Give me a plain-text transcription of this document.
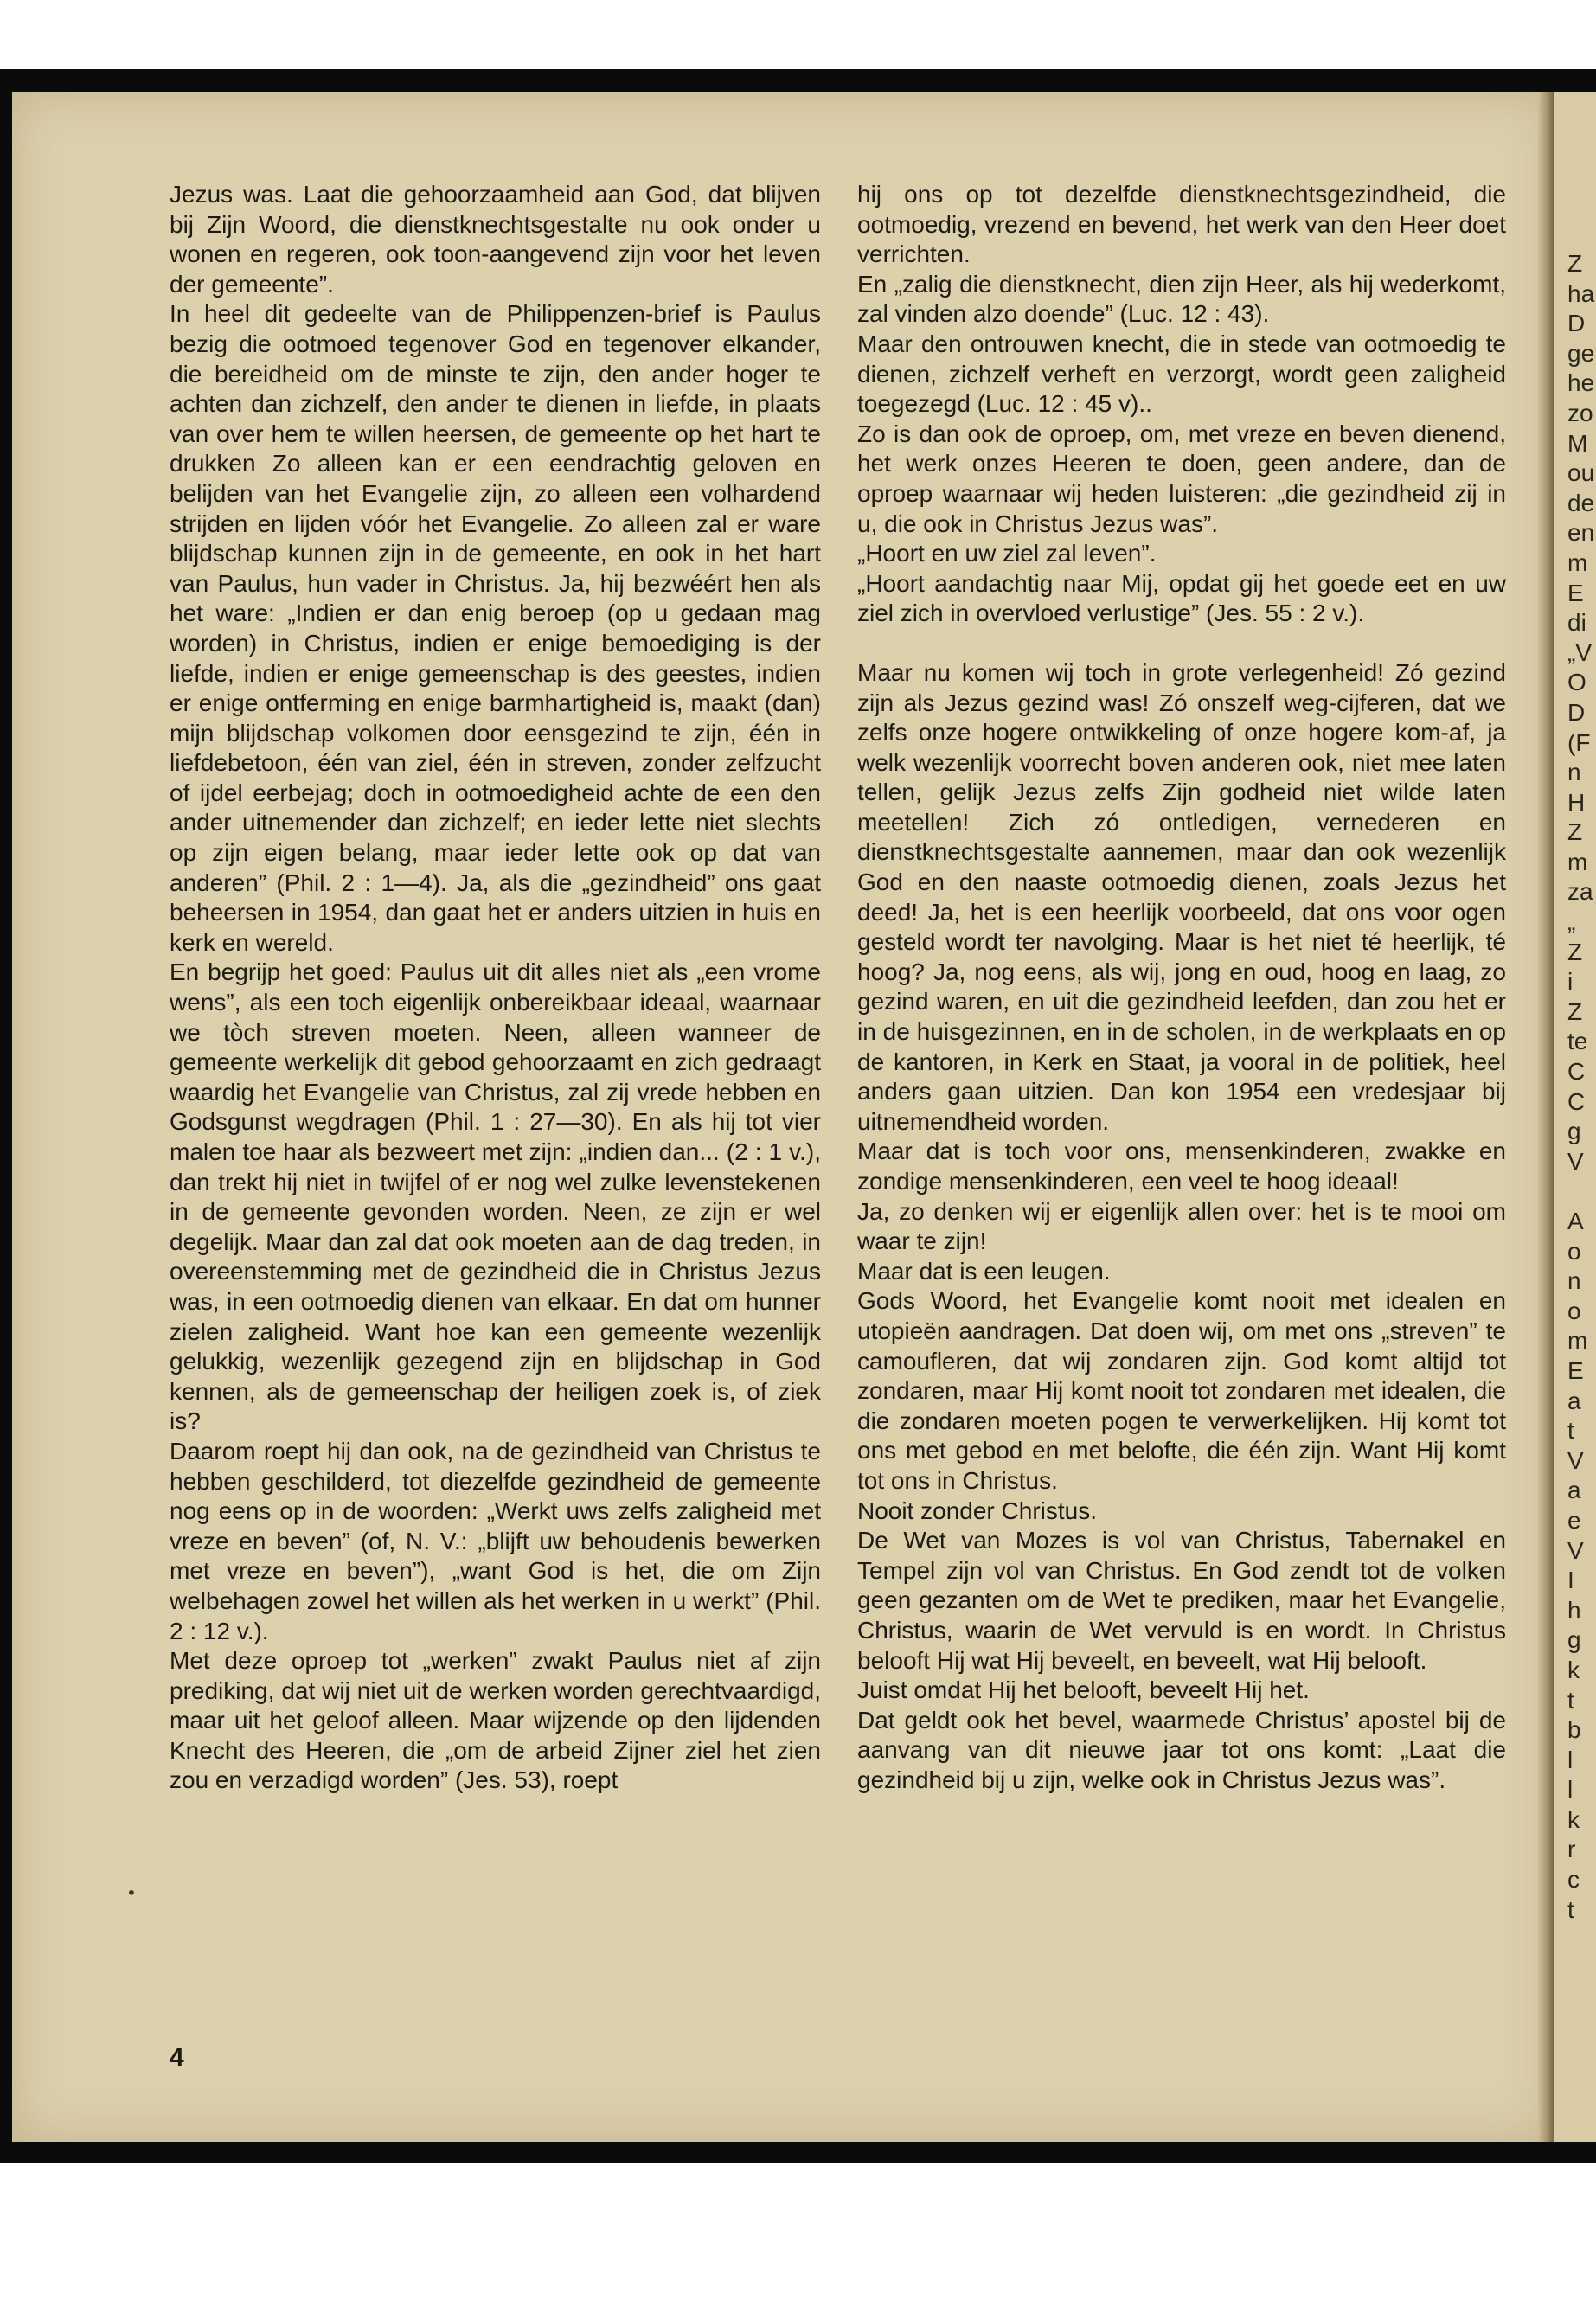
Z
ha
D
ge
he
zo
M
ou
de
en
m
E
di
„V
O
D
(F
n
H
Z
m
za
„
Z
i
Z
te
C
C
g
V

A
o
n
o
m
E
a
t
V
a
e
V
I
h
g
k
t
b
l
l
k
r
c
t

Jezus was. Laat die gehoorzaamheid aan God, dat blijven bij Zijn Woord, die dienstknechtsgestalte nu ook onder u wonen en regeren, ook toon-aangevend zijn voor het leven der gemeente”.

In heel dit gedeelte van de Philippenzen-brief is Paulus bezig die ootmoed tegenover God en tegenover elkander, die bereidheid om de minste te zijn, den ander hoger te achten dan zichzelf, den ander te dienen in liefde, in plaats van over hem te willen heersen, de gemeente op het hart te drukken Zo alleen kan er een eendrachtig geloven en belijden van het Evangelie zijn, zo alleen een volhardend strijden en lijden vóór het Evangelie. Zo alleen zal er ware blijdschap kunnen zijn in de gemeente, en ook in het hart van Paulus, hun vader in Christus. Ja, hij bezwéért hen als het ware: „Indien er dan enig beroep (op u gedaan mag worden) in Christus, indien er enige bemoediging is der liefde, indien er enige gemeenschap is des geestes, indien er enige ontferming en enige barmhartigheid is, maakt (dan) mijn blijdschap volkomen door eensgezind te zijn, één in liefdebetoon, één van ziel, één in streven, zonder zelfzucht of ijdel eerbejag; doch in ootmoedigheid achte de een den ander uitnemender dan zichzelf; en ieder lette niet slechts op zijn eigen belang, maar ieder lette ook op dat van anderen” (Phil. 2 : 1—4). Ja, als die „gezindheid” ons gaat beheersen in 1954, dan gaat het er anders uitzien in huis en kerk en wereld.

En begrijp het goed: Paulus uit dit alles niet als „een vrome wens”, als een toch eigenlijk onbereikbaar ideaal, waarnaar we tòch streven moeten. Neen, alleen wanneer de gemeente werkelijk dit gebod gehoorzaamt en zich gedraagt waardig het Evangelie van Christus, zal zij vrede hebben en Godsgunst wegdragen (Phil. 1 : 27—30). En als hij tot vier malen toe haar als bezweert met zijn: „indien dan... (2 : 1 v.), dan trekt hij niet in twijfel of er nog wel zulke levenstekenen in de gemeente gevonden worden. Neen, ze zijn er wel degelijk. Maar dan zal dat ook moeten aan de dag treden, in overeenstemming met de gezindheid die in Christus Jezus was, in een ootmoedig dienen van elkaar. En dat om hunner zielen zaligheid. Want hoe kan een gemeente wezenlijk gelukkig, wezenlijk gezegend zijn en blijdschap in God kennen, als de gemeenschap der heiligen zoek is, of ziek is?

Daarom roept hij dan ook, na de gezindheid van Christus te hebben geschilderd, tot diezelfde gezindheid de gemeente nog eens op in de woorden: „Werkt uws zelfs zaligheid met vreze en beven” (of, N. V.: „blijft uw behoudenis bewerken met vreze en beven”), „want God is het, die om Zijn welbehagen zowel het willen als het werken in u werkt” (Phil. 2 : 12 v.).

Met deze oproep tot „werken” zwakt Paulus niet af zijn prediking, dat wij niet uit de werken worden gerechtvaardigd, maar uit het geloof alleen. Maar wijzende op den lijdenden Knecht des Heeren, die „om de arbeid Zijner ziel het zien zou en verzadigd worden” (Jes. 53), roept

hij ons op tot dezelfde dienstknechtsgezindheid, die ootmoedig, vrezend en bevend, het werk van den Heer doet verrichten.

En „zalig die dienstknecht, dien zijn Heer, als hij wederkomt, zal vinden alzo doende” (Luc. 12 : 43).

Maar den ontrouwen knecht, die in stede van ootmoedig te dienen, zichzelf verheft en verzorgt, wordt geen zaligheid toegezegd (Luc. 12 : 45 v)..

Zo is dan ook de oproep, om, met vreze en beven dienend, het werk onzes Heeren te doen, geen andere, dan de oproep waarnaar wij heden luisteren: „die gezindheid zij in u, die ook in Christus Jezus was”.

„Hoort en uw ziel zal leven”.

„Hoort aandachtig naar Mij, opdat gij het goede eet en uw ziel zich in overvloed verlustige” (Jes. 55 : 2 v.).

Maar nu komen wij toch in grote verlegenheid! Zó gezind zijn als Jezus gezind was! Zó onszelf weg-cijferen, dat we zelfs onze hogere ontwikkeling of onze hogere kom-af, ja welk wezenlijk voorrecht boven anderen ook, niet mee laten tellen, gelijk Jezus zelfs Zijn godheid niet wilde laten meetellen! Zich zó ontledigen, vernederen en dienstknechtsgestalte aannemen, maar dan ook wezenlijk God en den naaste ootmoedig dienen, zoals Jezus het deed! Ja, het is een heerlijk voorbeeld, dat ons voor ogen gesteld wordt ter navolging. Maar is het niet té heerlijk, té hoog? Ja, nog eens, als wij, jong en oud, hoog en laag, zo gezind waren, en uit die gezindheid leefden, dan zou het er in de huisgezinnen, en in de scholen, in de werkplaats en op de kantoren, in Kerk en Staat, ja vooral in de politiek, heel anders gaan uitzien. Dan kon 1954 een vredesjaar bij uitnemendheid worden.

Maar dat is toch voor ons, mensenkinderen, zwakke en zondige mensenkinderen, een veel te hoog ideaal!

Ja, zo denken wij er eigenlijk allen over: het is te mooi om waar te zijn!

Maar dat is een leugen.

Gods Woord, het Evangelie komt nooit met idealen en utopieën aandragen. Dat doen wij, om met ons „streven” te camoufleren, dat wij zondaren zijn. God komt altijd tot zondaren, maar Hij komt nooit tot zondaren met idealen, die die zondaren moeten pogen te verwerkelijken. Hij komt tot ons met gebod en met belofte, die één zijn. Want Hij komt tot ons in Christus.

Nooit zonder Christus.

De Wet van Mozes is vol van Christus, Tabernakel en Tempel zijn vol van Christus. En God zendt tot de volken geen gezanten om de Wet te prediken, maar het Evangelie, Christus, waarin de Wet vervuld is en wordt. In Christus belooft Hij wat Hij beveelt, en beveelt, wat Hij belooft.

Juist omdat Hij het belooft, beveelt Hij het.

Dat geldt ook het bevel, waarmede Christus’ apostel bij de aanvang van dit nieuwe jaar tot ons komt: „Laat die gezindheid bij u zijn, welke ook in Christus Jezus was”.

•
4
